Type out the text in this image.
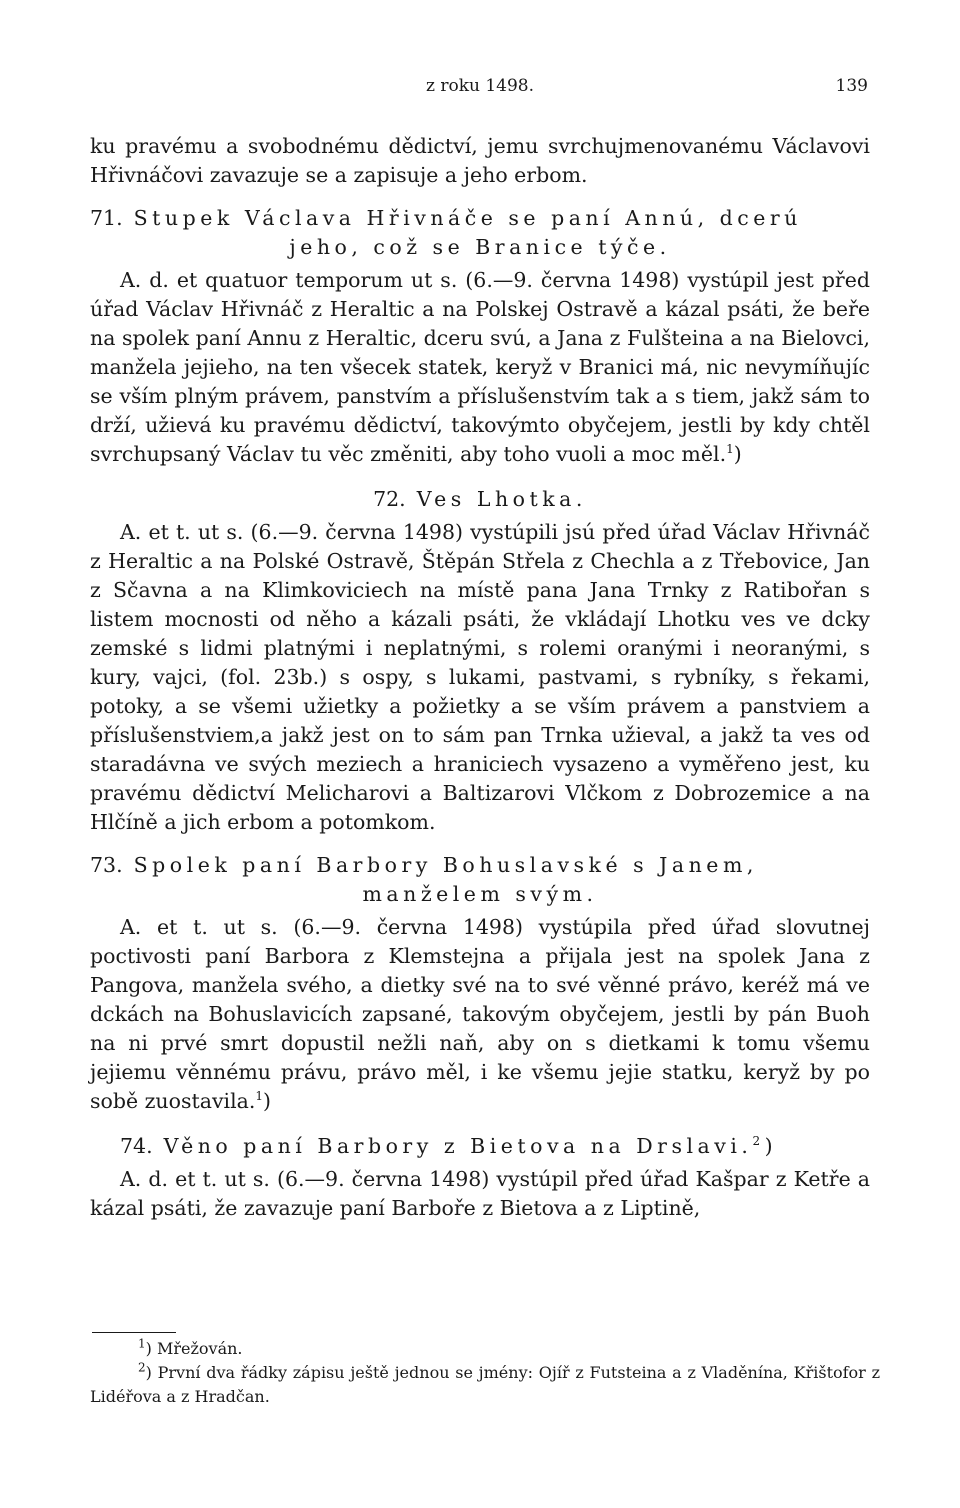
z roku 1498.	139

ku pravému a svobodnému dědictví, jemu svrchujmenovanému Václavovi Hřivnáčovi zavazuje se a zapisuje a jeho erbom.

71. Stupek Václava Hřivnáče se paní Annú, dcerú
jeho, což se Branice týče.

A. d. et quatuor temporum ut s. (6.—9. června 1498) vystúpil jest před úřad Václav Hřivnáč z Heraltic a na Polskej Ostravě a kázal psáti, že beře na spolek paní Annu z Heraltic, dceru svú, a Jana z Fulšteina a na Bielovci, manžela jejieho, na ten všecek statek, keryž v Branici má, nic nevymíňujíc se vším plným právem, panstvím a příslušenstvím tak a s tiem, jakž sám to drží, užievá ku pravému dědictví, takovýmto obyčejem, jestli by kdy chtěl svrchupsaný Václav tu věc změniti, aby toho vuoli a moc měl.$^1$)

72. Ves Lhotka.

A. et t. ut s. (6.—9. června 1498) vystúpili jsú před úřad Václav Hřivnáč z Heraltic a na Polské Ostravě, Štěpán Střela z Chechla a z Třebovice, Jan z Sčavna a na Klimkoviciech na místě pana Jana Trnky z Ratibořan s listem mocnosti od něho a kázali psáti, že vkládají Lhotku ves ve dcky zemské s lidmi platnými i neplatnými, s rolemi oranými i neoranými, s kury, vajci, (fol. 23b.) s ospy, s lukami, pastvami, s rybníky, s řekami, potoky, a se všemi užietky a požietky a se vším právem a panstviem a příslušenstviem,a jakž jest on to sám pan Trnka užieval, a jakž ta ves od staradávna ve svých meziech a hraniciech vysazeno a vyměřeno jest, ku pravému dědictví Melicharovi a Baltizarovi Vlčkom z Dobrozemice a na Hlčíně a jich erbom a potomkom.

73. Spolek paní Barbory Bohuslavské s Janem,
manželem svým.

A. et t. ut s. (6.—9. června 1498) vystúpila před úřad slovutnej poctivosti paní Barbora z Klemstejna a přijala jest na spolek Jana z Pangova, manžela svého, a dietky své na to své věnné právo, keréž má ve dckách na Bohuslavicích zapsané, takovým obyčejem, jestli by pán Buoh na ni prvé smrt dopustil nežli naň, aby on s dietkami k tomu všemu jejiemu věnnému právu, právo měl, i ke všemu jejie statku, keryž by po sobě zuostavila.$^1$)

74. Věno paní Barbory z Bietova na Drslavi.$^2$)

A. d. et t. ut s. (6.—9. června 1498) vystúpil před úřad Kašpar z Ketře a kázal psáti, že zavazuje paní Barboře z Bietova a z Liptině,

$^1$) Mřežován.

$^2$) První dva řádky zápisu ještě jednou se jmény: Ojíř z Futsteina a z Vladěnína, Křištofor z Lidéřova a z Hradčan.
